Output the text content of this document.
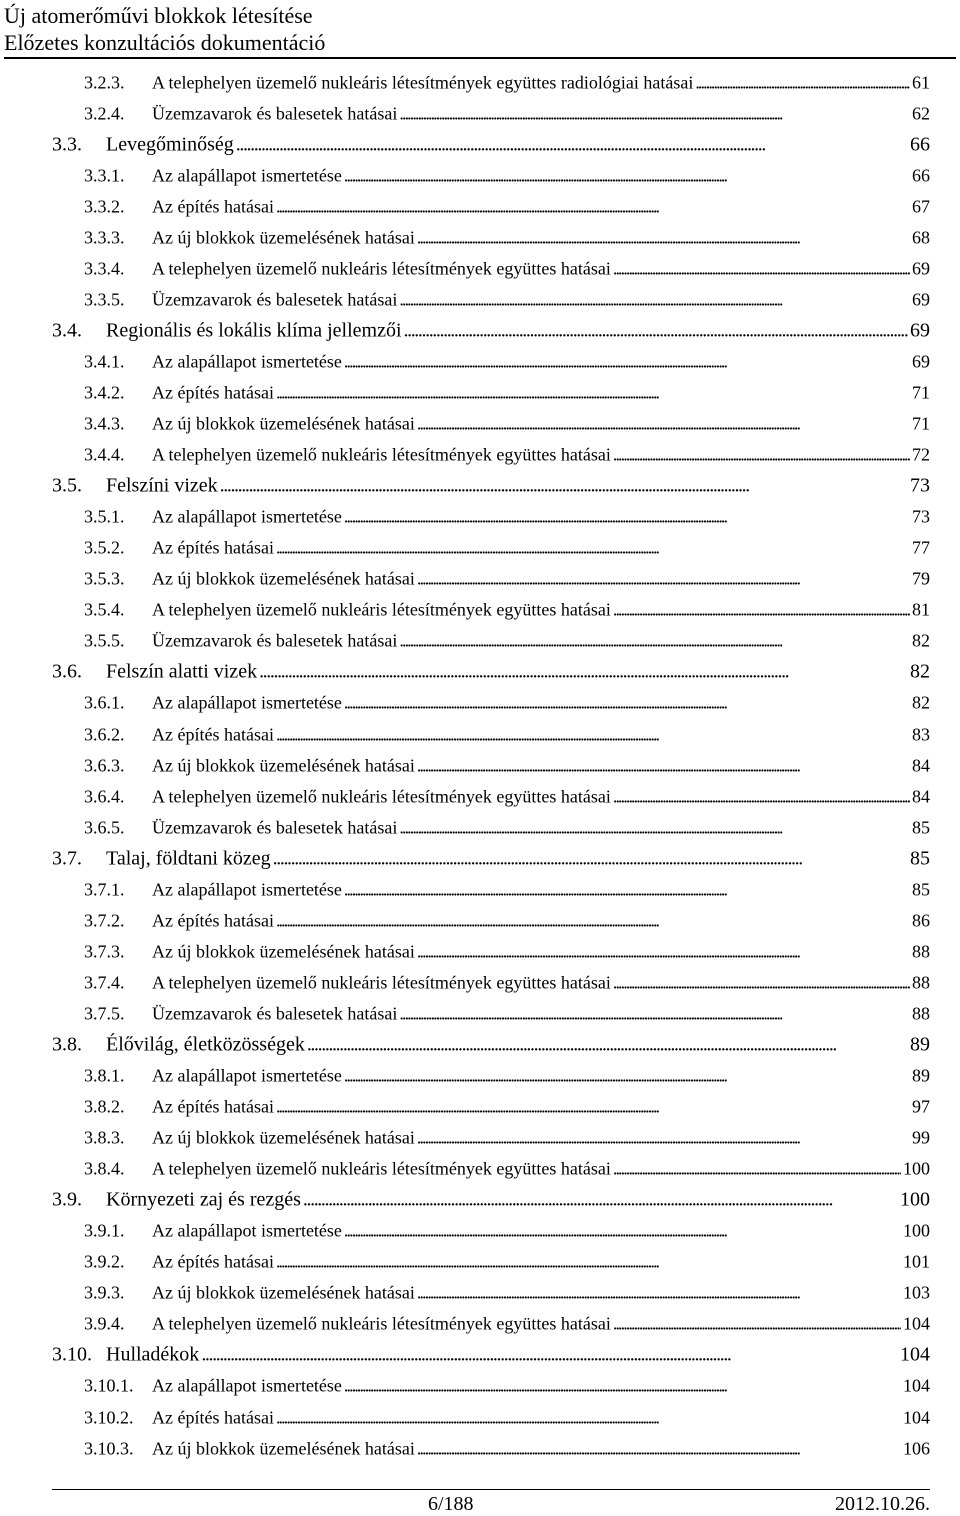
Új atomerőművi blokkok létesítése
Előzetes konzultációs dokumentáció
3.2.3. A telephelyen üzemelő nukleáris létesítmények együttes radiológiai hatásai . . .	61
3.2.4. Üzemzavarok és balesetek hatásai . . .	62
3.3. Levegőminőség . . .	66
3.3.1. Az alapállapot ismertetése . . .	66
3.3.2. Az építés hatásai . . .	67
3.3.3. Az új blokkok üzemelésének hatásai . . .	68
3.3.4. A telephelyen üzemelő nukleáris létesítmények együttes hatásai . . .	69
3.3.5. Üzemzavarok és balesetek hatásai . . .	69
3.4. Regionális és lokális klíma jellemzői . . .	69
3.4.1. Az alapállapot ismertetése . . .	69
3.4.2. Az építés hatásai . . .	71
3.4.3. Az új blokkok üzemelésének hatásai . . .	71
3.4.4. A telephelyen üzemelő nukleáris létesítmények együttes hatásai . . .	72
3.5. Felszíni vizek . . .	73
3.5.1. Az alapállapot ismertetése . . .	73
3.5.2. Az építés hatásai . . .	77
3.5.3. Az új blokkok üzemelésének hatásai . . .	79
3.5.4. A telephelyen üzemelő nukleáris létesítmények együttes hatásai . . .	81
3.5.5. Üzemzavarok és balesetek hatásai . . .	82
3.6. Felszín alatti vizek . . .	82
3.6.1. Az alapállapot ismertetése . . .	82
3.6.2. Az építés hatásai . . .	83
3.6.3. Az új blokkok üzemelésének hatásai . . .	84
3.6.4. A telephelyen üzemelő nukleáris létesítmények együttes hatásai . . .	84
3.6.5. Üzemzavarok és balesetek hatásai . . .	85
3.7. Talaj, földtani közeg . . .	85
3.7.1. Az alapállapot ismertetése . . .	85
3.7.2. Az építés hatásai . . .	86
3.7.3. Az új blokkok üzemelésének hatásai . . .	88
3.7.4. A telephelyen üzemelő nukleáris létesítmények együttes hatásai . . .	88
3.7.5. Üzemzavarok és balesetek hatásai . . .	88
3.8. Élővilág, életközösségek . . .	89
3.8.1. Az alapállapot ismertetése . . .	89
3.8.2. Az építés hatásai . . .	97
3.8.3. Az új blokkok üzemelésének hatásai . . .	99
3.8.4. A telephelyen üzemelő nukleáris létesítmények együttes hatásai . . .	100
3.9. Környezeti zaj és rezgés . . .	100
3.9.1. Az alapállapot ismertetése . . .	100
3.9.2. Az építés hatásai . . .	101
3.9.3. Az új blokkok üzemelésének hatásai . . .	103
3.9.4. A telephelyen üzemelő nukleáris létesítmények együttes hatásai . . .	104
3.10. Hulladékok . . .	104
3.10.1. Az alapállapot ismertetése . . .	104
3.10.2. Az építés hatásai . . .	104
3.10.3. Az új blokkok üzemelésének hatásai . . .	106
6/188	2012.10.26.
